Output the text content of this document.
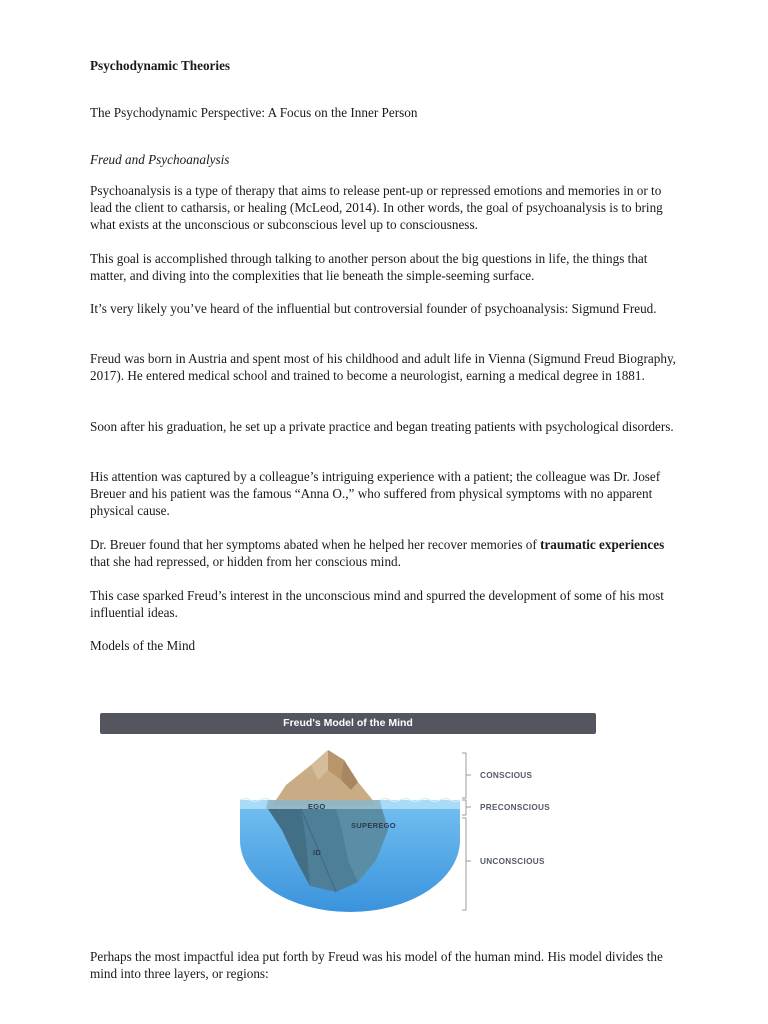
Psychodynamic Theories

The Psychodynamic Perspective: A Focus on the Inner Person

Freud and Psychoanalysis

Psychoanalysis is a type of therapy that aims to release pent-up or repressed emotions and memories in or to lead the client to catharsis, or healing (McLeod, 2014). In other words, the goal of psychoanalysis is to bring what exists at the unconscious or subconscious level up to consciousness.

This goal is accomplished through talking to another person about the big questions in life, the things that matter, and diving into the complexities that lie beneath the simple-seeming surface.

It’s very likely you’ve heard of the influential but controversial founder of psychoanalysis: Sigmund Freud.

Freud was born in Austria and spent most of his childhood and adult life in Vienna (Sigmund Freud Biography, 2017). He entered medical school and trained to become a neurologist, earning a medical degree in 1881.

Soon after his graduation, he set up a private practice and began treating patients with psychological disorders.

His attention was captured by a colleague’s intriguing experience with a patient; the colleague was Dr. Josef Breuer and his patient was the famous “Anna O.,” who suffered from physical symptoms with no apparent physical cause.

Dr. Breuer found that her symptoms abated when he helped her recover memories of traumatic experiences that she had repressed, or hidden from her conscious mind.

This case sparked Freud’s interest in the unconscious mind and spurred the development of some of his most influential ideas.

Models of the Mind

EGO
SUPEREGO
ID
CONSCIOUS
PRECONSCIOUS
UNCONSCIOUS
Freud's Model of the Mind

Perhaps the most impactful idea put forth by Freud was his model of the human mind. His model divides the mind into three layers, or regions:
